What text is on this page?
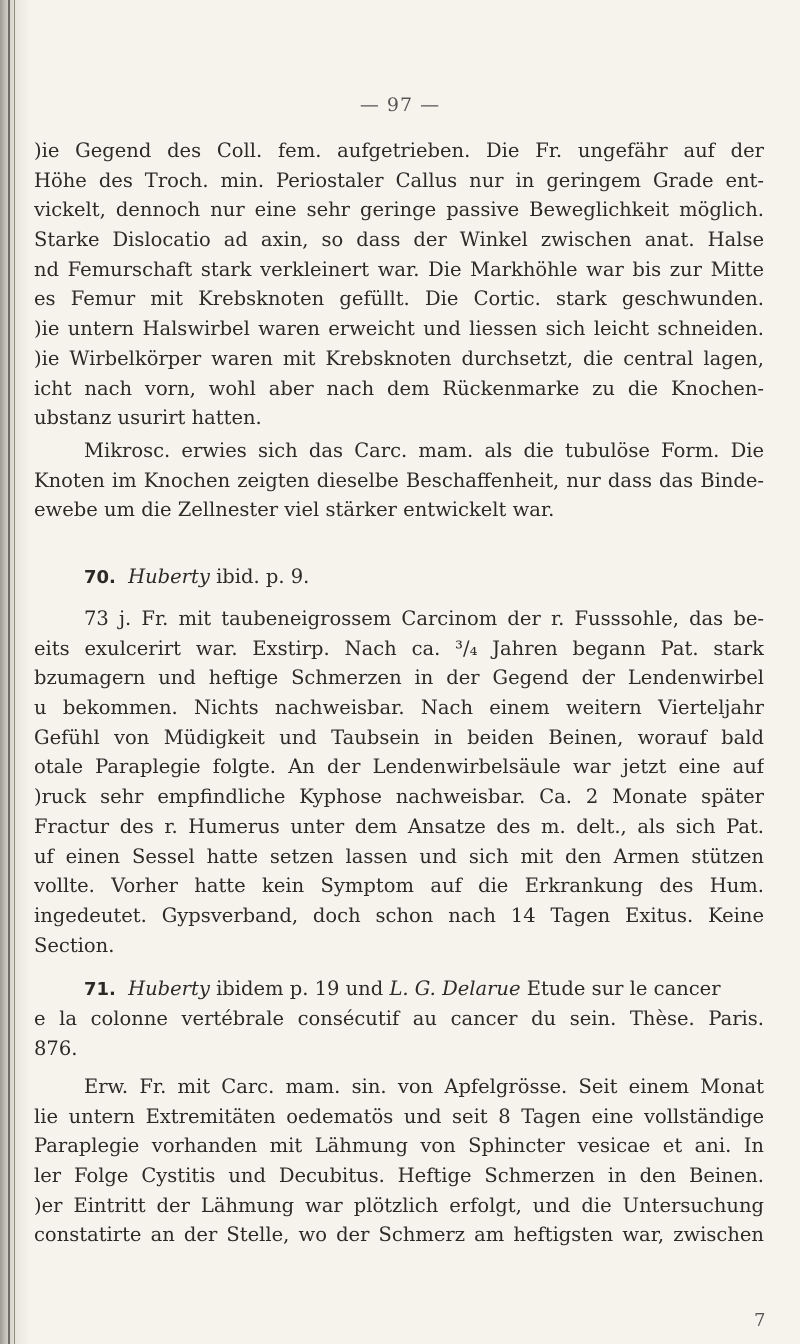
— 97 —
)ie Gegend des Coll. fem. aufgetrieben. Die Fr. ungefähr auf der
Höhe des Troch. min. Periostaler Callus nur in geringem Grade ent-
vickelt, dennoch nur eine sehr geringe passive Beweglichkeit möglich.
Starke Dislocatio ad axin, so dass der Winkel zwischen anat. Halse
nd Femurschaft stark verkleinert war. Die Markhöhle war bis zur Mitte
es Femur mit Krebsknoten gefüllt. Die Cortic. stark geschwunden.
)ie untern Halswirbel waren erweicht und liessen sich leicht schneiden.
)ie Wirbelkörper waren mit Krebsknoten durchsetzt, die central lagen,
icht nach vorn, wohl aber nach dem Rückenmarke zu die Knochen-
ubstanz usurirt hatten.
Mikrosc. erwies sich das Carc. mam. als die tubulöse Form. Die
Knoten im Knochen zeigten dieselbe Beschaffenheit, nur dass das Binde-
ewebe um die Zellnester viel stärker entwickelt war.
70. Huberty ibid. p. 9.
73 j. Fr. mit taubeneigrossem Carcinom der r. Fusssohle, das be-
eits exulcerirt war. Exstirp. Nach ca. ³/₄ Jahren begann Pat. stark
bzumagern und heftige Schmerzen in der Gegend der Lendenwirbel
u bekommen. Nichts nachweisbar. Nach einem weitern Vierteljahr
Gefühl von Müdigkeit und Taubsein in beiden Beinen, worauf bald
otale Paraplegie folgte. An der Lendenwirbelsäule war jetzt eine auf
)ruck sehr empfindliche Kyphose nachweisbar. Ca. 2 Monate später
Fractur des r. Humerus unter dem Ansatze des m. delt., als sich Pat.
uf einen Sessel hatte setzen lassen und sich mit den Armen stützen
vollte. Vorher hatte kein Symptom auf die Erkrankung des Hum.
ingedeutet. Gypsverband, doch schon nach 14 Tagen Exitus. Keine
Section.
71. Huberty ibidem p. 19 und L. G. Delarue Etude sur le cancer
e la colonne vertébrale consécutif au cancer du sein. Thèse. Paris.
876.
Erw. Fr. mit Carc. mam. sin. von Apfelgrösse. Seit einem Monat
lie untern Extremitäten oedematös und seit 8 Tagen eine vollständige
Paraplegie vorhanden mit Lähmung von Sphincter vesicae et ani. In
ler Folge Cystitis und Decubitus. Heftige Schmerzen in den Beinen.
)er Eintritt der Lähmung war plötzlich erfolgt, und die Untersuchung
constatirte an der Stelle, wo der Schmerz am heftigsten war, zwischen
7
